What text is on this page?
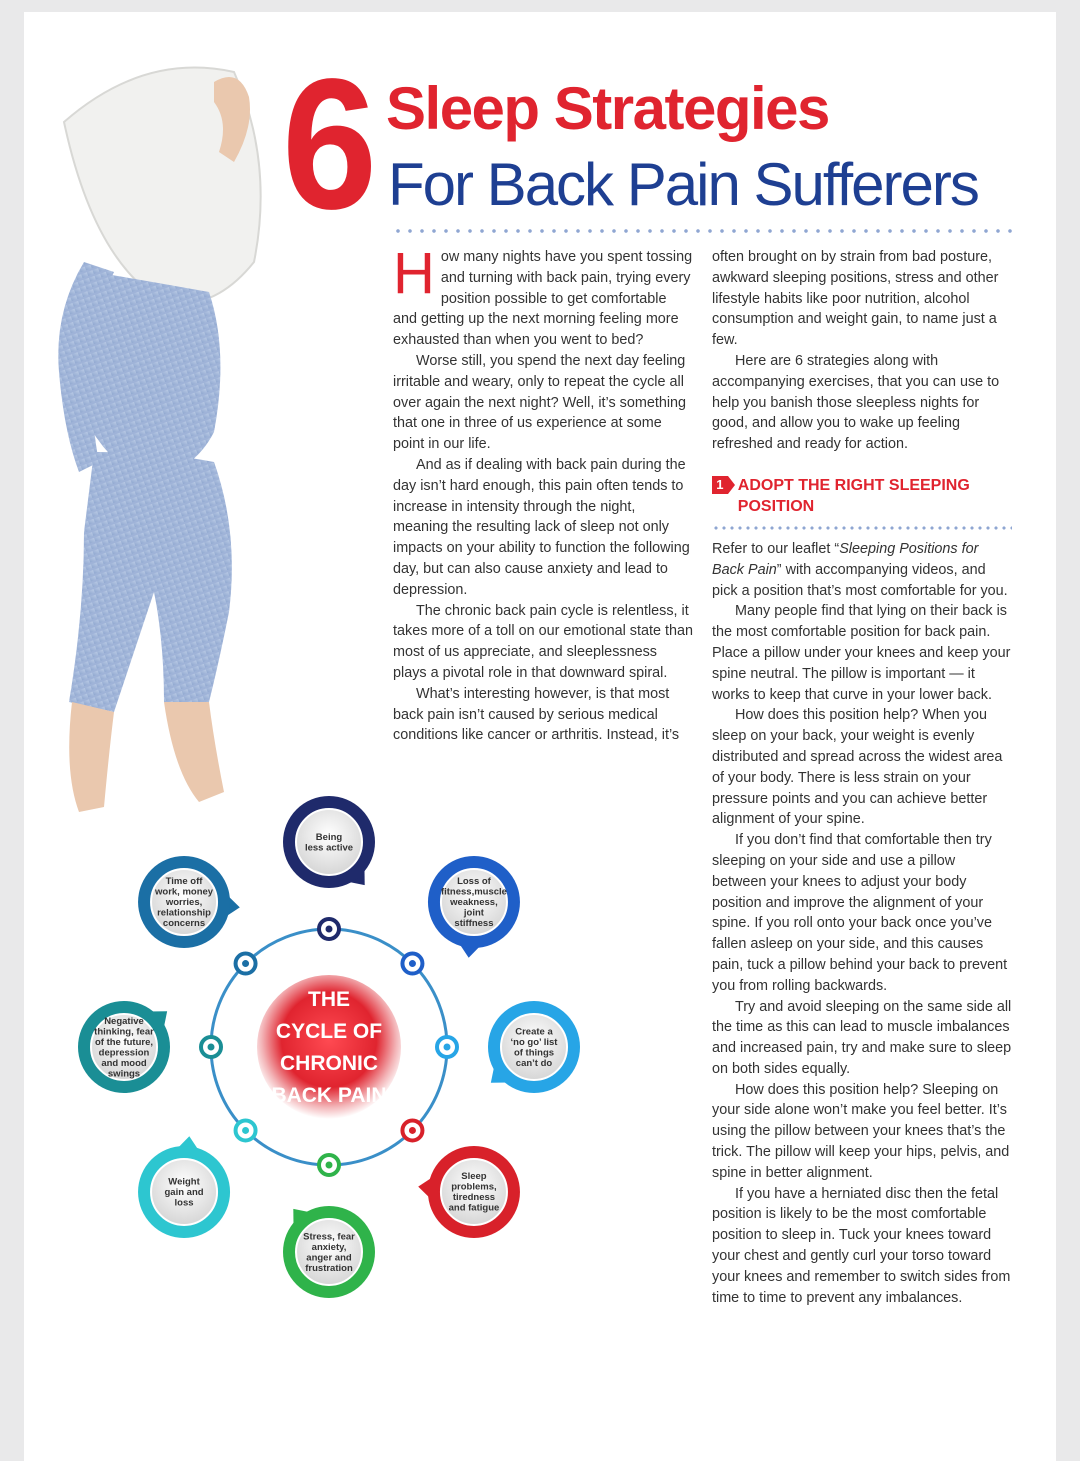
6 Sleep Strategies
For Back Pain Sufferers

How many nights have you spent tossing and turning with back pain, trying every position possible to get comfortable and getting up the next morning feeling more exhausted than when you went to bed?

Worse still, you spend the next day feeling irritable and weary, only to repeat the cycle all over again the next night? Well, it’s something that one in three of us experience at some point in our life.

And as if dealing with back pain during the day isn’t hard enough, this pain often tends to increase in intensity through the night, meaning the resulting lack of sleep not only impacts on your ability to function the following day, but can also cause anxiety and lead to depression.

The chronic back pain cycle is relentless, it takes more of a toll on our emotional state than most of us appreciate, and sleeplessness plays a pivotal role in that downward spiral.

What’s interesting however, is that most back pain isn’t caused by serious medical conditions like cancer or arthritis. Instead, it’s

often brought on by strain from bad posture, awkward sleeping positions, stress and other lifestyle habits like poor nutrition, alcohol consumption and weight gain, to name just a few.

Here are 6 strategies along with accompanying exercises, that you can use to help you banish those sleepless nights for good, and allow you to wake up feeling refreshed and ready for action.

1 ADOPT THE RIGHT SLEEPING POSITION

Refer to our leaflet “Sleeping Positions for Back Pain” with accompanying videos, and pick a position that’s most comfortable for you.

Many people find that lying on their back is the most comfortable position for back pain. Place a pillow under your knees and keep your spine neutral. The pillow is important — it works to keep that curve in your lower back.

How does this position help? When you sleep on your back, your weight is evenly distributed and spread across the widest area of your body. There is less strain on your pressure points and you can achieve better alignment of your spine.

If you don’t find that comfortable then try sleeping on your side and use a pillow between your knees to adjust your body position and improve the alignment of your spine. If you roll onto your back once you’ve fallen asleep on your side, and this causes pain, tuck a pillow behind your back to prevent you from rolling backwards.

Try and avoid sleeping on the same side all the time as this can lead to muscle imbalances and increased pain, try and make sure to sleep on both sides equally.

How does this position help? Sleeping on your side alone won’t make you feel better. It’s using the pillow between your knees that’s the trick. The pillow will keep your hips, pelvis, and spine in better alignment.

If you have a herniated disc then the fetal position is likely to be the most comfortable position to sleep in. Tuck your knees toward your chest and gently curl your torso toward your knees and remember to switch sides from time to time to prevent any imbalances.

Being
less active
Loss of
fitness,muscle
weakness,
joint
stiffness
Create a
‘no go’ list
of things
can’t do
Sleep
problems,
tiredness
and fatigue
Stress, fear
anxiety,
anger and
frustration
Weight
gain and
loss
Negative
thinking, fear
of the future,
depression
and mood
swings
Time off
work, money
worries,
relationship
concerns
THE
CYCLE OF
CHRONIC
BACK PAIN
